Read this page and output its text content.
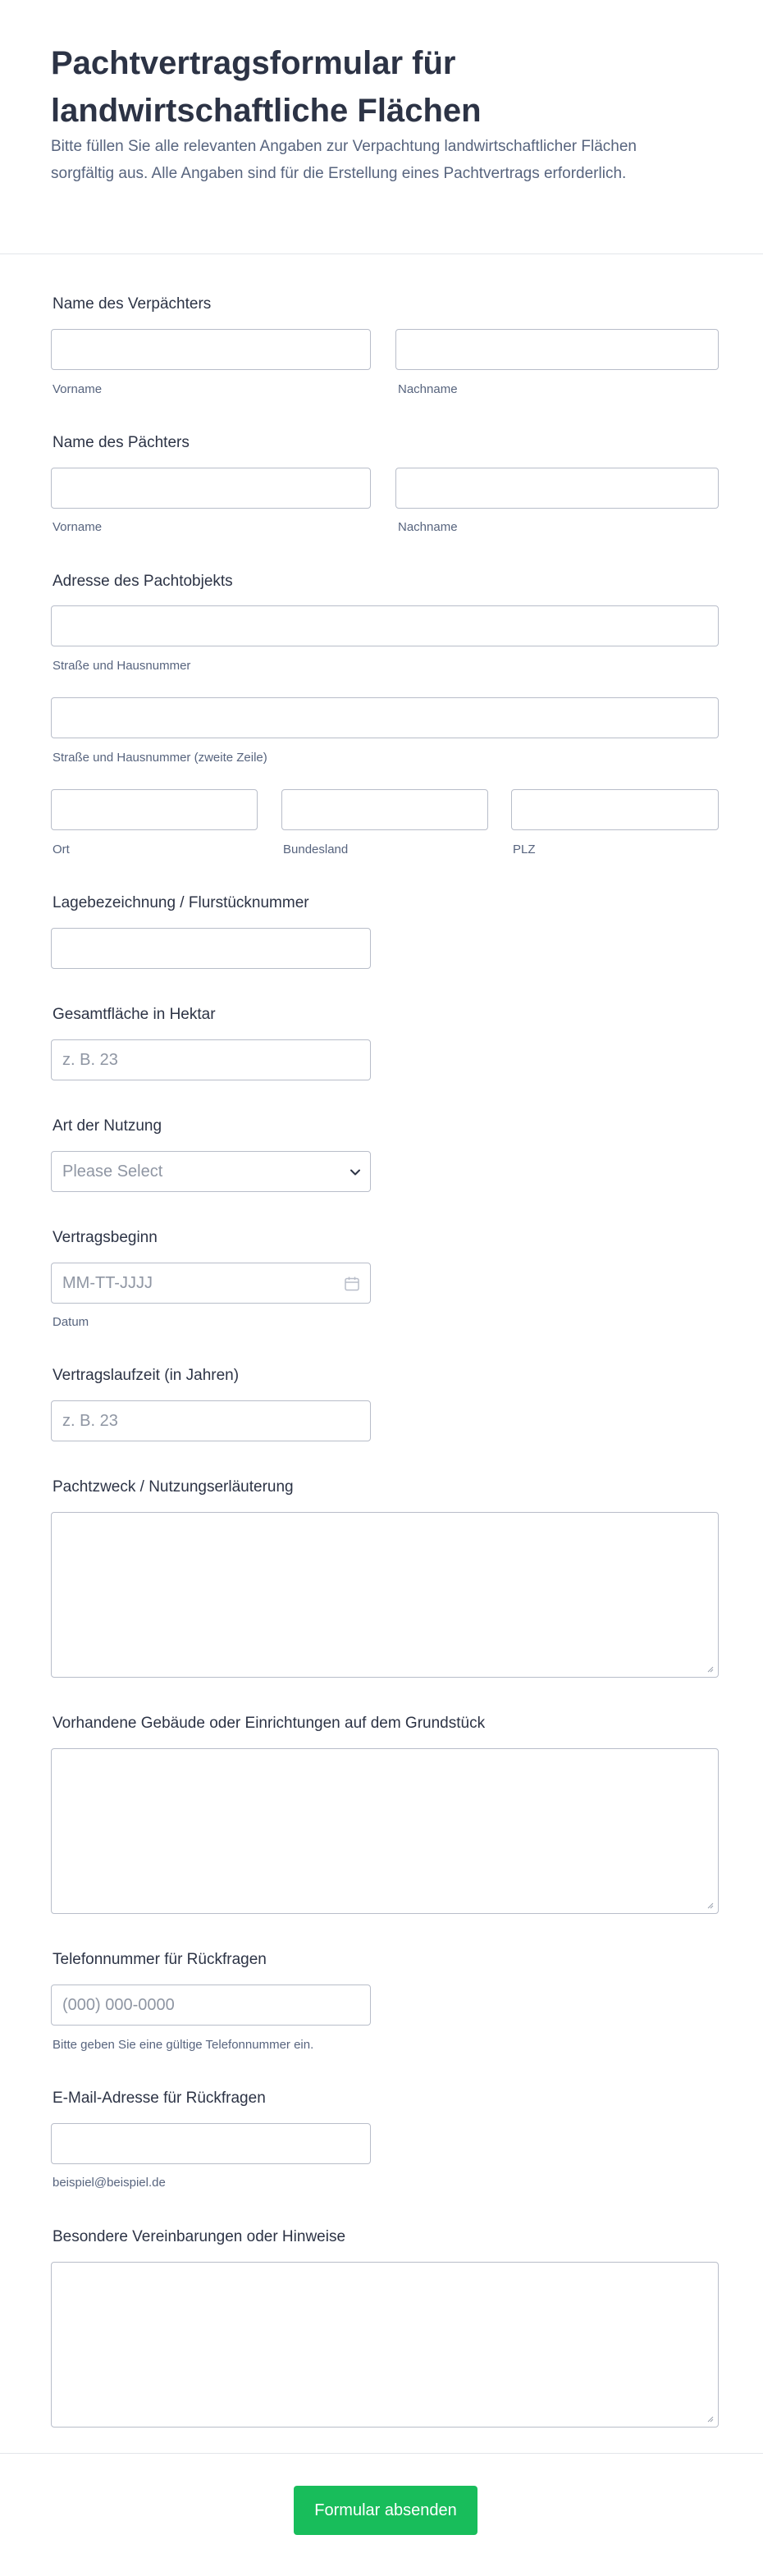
Pachtvertragsformular für landwirtschaftliche Flächen

Bitte füllen Sie alle relevanten Angaben zur Verpachtung landwirtschaftlicher Flächen sorgfältig aus. Alle Angaben sind für die Erstellung eines Pachtvertrags erforderlich.

Name des Verpächters
Vorname	Nachname
Name des Pächters
Vorname	Nachname
Adresse des Pachtobjekts
Straße und Hausnummer
Straße und Hausnummer (zweite Zeile)
Ort	Bundesland	PLZ
Lagebezeichnung / Flurstücknummer
Gesamtfläche in Hektar
z. B. 23
Art der Nutzung
Please Select
Vertragsbeginn
MM-TT-JJJJ
Datum
Vertragslaufzeit (in Jahren)
z. B. 23
Pachtzweck / Nutzungserläuterung
Vorhandene Gebäude oder Einrichtungen auf dem Grundstück
Telefonnummer für Rückfragen
(000) 000-0000
Bitte geben Sie eine gültige Telefonnummer ein.
E-Mail-Adresse für Rückfragen
beispiel@beispiel.de
Besondere Vereinbarungen oder Hinweise
Formular absenden
